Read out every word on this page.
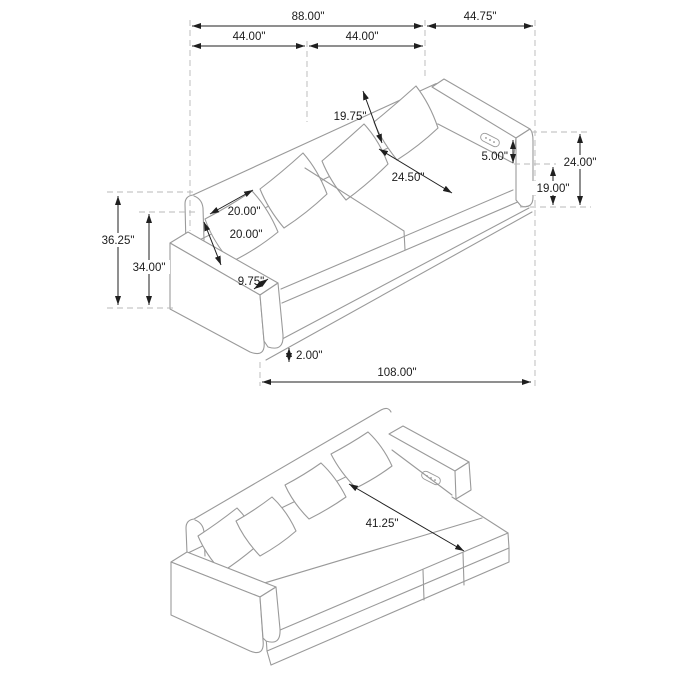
88.00"	44.75"
44.00"	44.00"
19.75"
20.00"
20.00"
24.50"
5.00"	24.00"
19.00"
36.25"
34.00"
9.75"
2.00"
108.00"
41.25"
